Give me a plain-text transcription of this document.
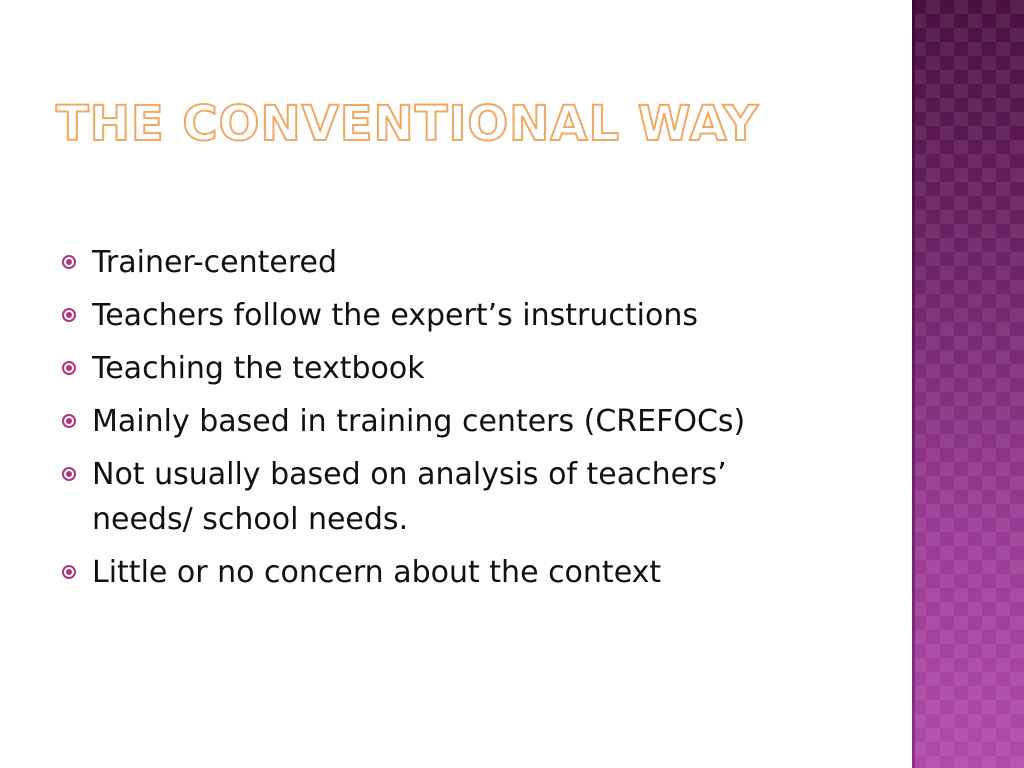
THE CONVENTIONAL WAY
Trainer-centered
Teachers follow the expert’s instructions
Teaching the textbook
Mainly based in training centers (CREFOCs)
Not usually based on analysis of teachers’ needs/ school needs.
Little or no concern about the context
